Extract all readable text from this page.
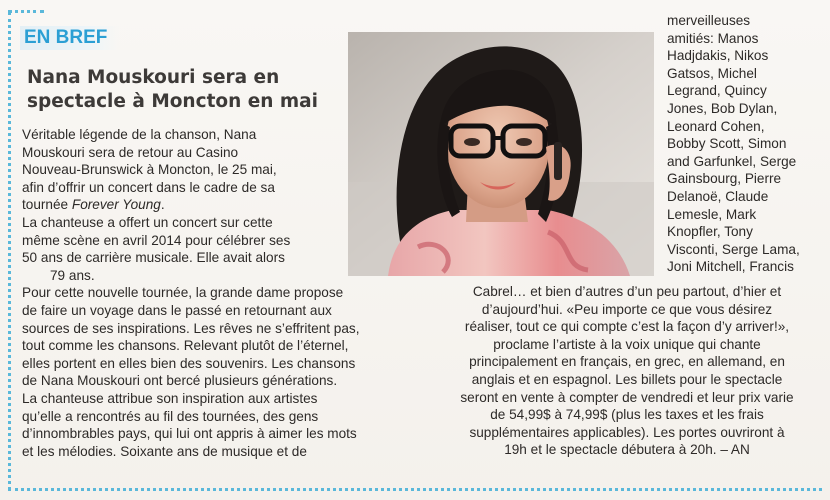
EN BREF
Nana Mouskouri sera en
spectacle à Moncton en mai
Véritable légende de la chanson, Nana
Mouskouri sera de retour au Casino
Nouveau-Brunswick à Moncton, le 25 mai,
afin d’offrir un concert dans le cadre de sa
tournée Forever Young.
La chanteuse a offert un concert sur cette
même scène en avril 2014 pour célébrer ses
50 ans de carrière musicale. Elle avait alors
79 ans.
Pour cette nouvelle tournée, la grande dame propose
de faire un voyage dans le passé en retournant aux
sources de ses inspirations. Les rêves ne s’effritent pas,
tout comme les chansons. Relevant plutôt de l’éternel,
elles portent en elles bien des souvenirs. Les chansons
de Nana Mouskouri ont bercé plusieurs générations.
La chanteuse attribue son inspiration aux artistes
qu’elle a rencontrés au fil des tournées, des gens
d’innombrables pays, qui lui ont appris à aimer les mots
et les mélodies. Soixante ans de musique et de
merveilleuses
amitiés: Manos
Hadjdakis, Nikos
Gatsos, Michel
Legrand, Quincy
Jones, Bob Dylan,
Leonard Cohen,
Bobby Scott, Simon
and Garfunkel, Serge
Gainsbourg, Pierre
Delanoë, Claude
Lemesle, Mark
Knopfler, Tony
Visconti, Serge Lama,
Joni Mitchell, Francis
Cabrel… et bien d’autres d’un peu partout, d’hier et
d’aujourd’hui. «Peu importe ce que vous désirez
réaliser, tout ce qui compte c’est la façon d’y arriver!»,
proclame l’artiste à la voix unique qui chante
principalement en français, en grec, en allemand, en
anglais et en espagnol. Les billets pour le spectacle
seront en vente à compter de vendredi et leur prix varie
de 54,99$ à 74,99$ (plus les taxes et les frais
supplémentaires applicables). Les portes ouvriront à
19h et le spectacle débutera à 20h. – AN
